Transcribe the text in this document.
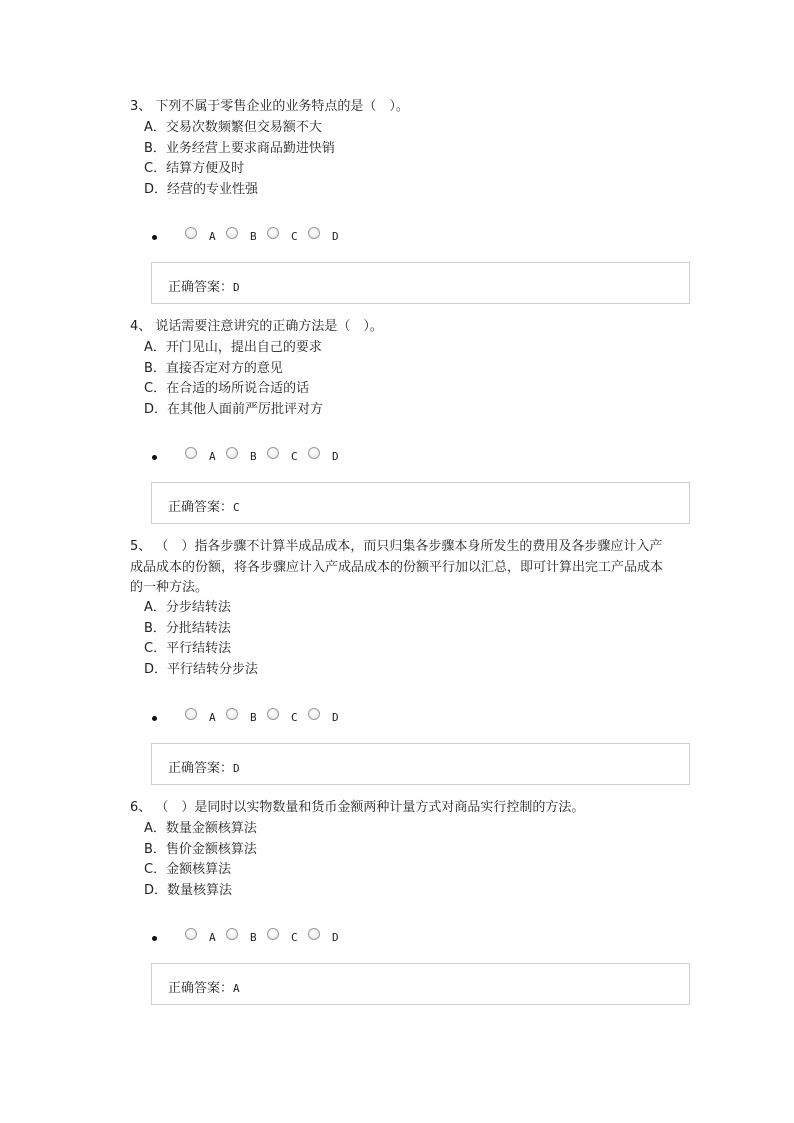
3、 下列不属于零售企业的业务特点的是（　）。
A．交易次数频繁但交易额不大
B．业务经营上要求商品勤进快销
C．结算方便及时
D．经营的专业性强
A	B	C	D
正确答案：D
4、 说话需要注意讲究的正确方法是（　）。
A．开门见山，提出自己的要求
B．直接否定对方的意见
C．在合适的场所说合适的话
D．在其他人面前严厉批评对方
A	B	C	D
正确答案：C
5、 （　）指各步骤不计算半成品成本，而只归集各步骤本身所发生的费用及各步骤应计入产成品成本的份额，将各步骤应计入产成品成本的份额平行加以汇总，即可计算出完工产品成本的一种方法。
A．分步结转法
B．分批结转法
C．平行结转法
D．平行结转分步法
A	B	C	D
正确答案：D
6、 （　）是同时以实物数量和货币金额两种计量方式对商品实行控制的方法。
A．数量金额核算法
B．售价金额核算法
C．金额核算法
D．数量核算法
A	B	C	D
正确答案：A
